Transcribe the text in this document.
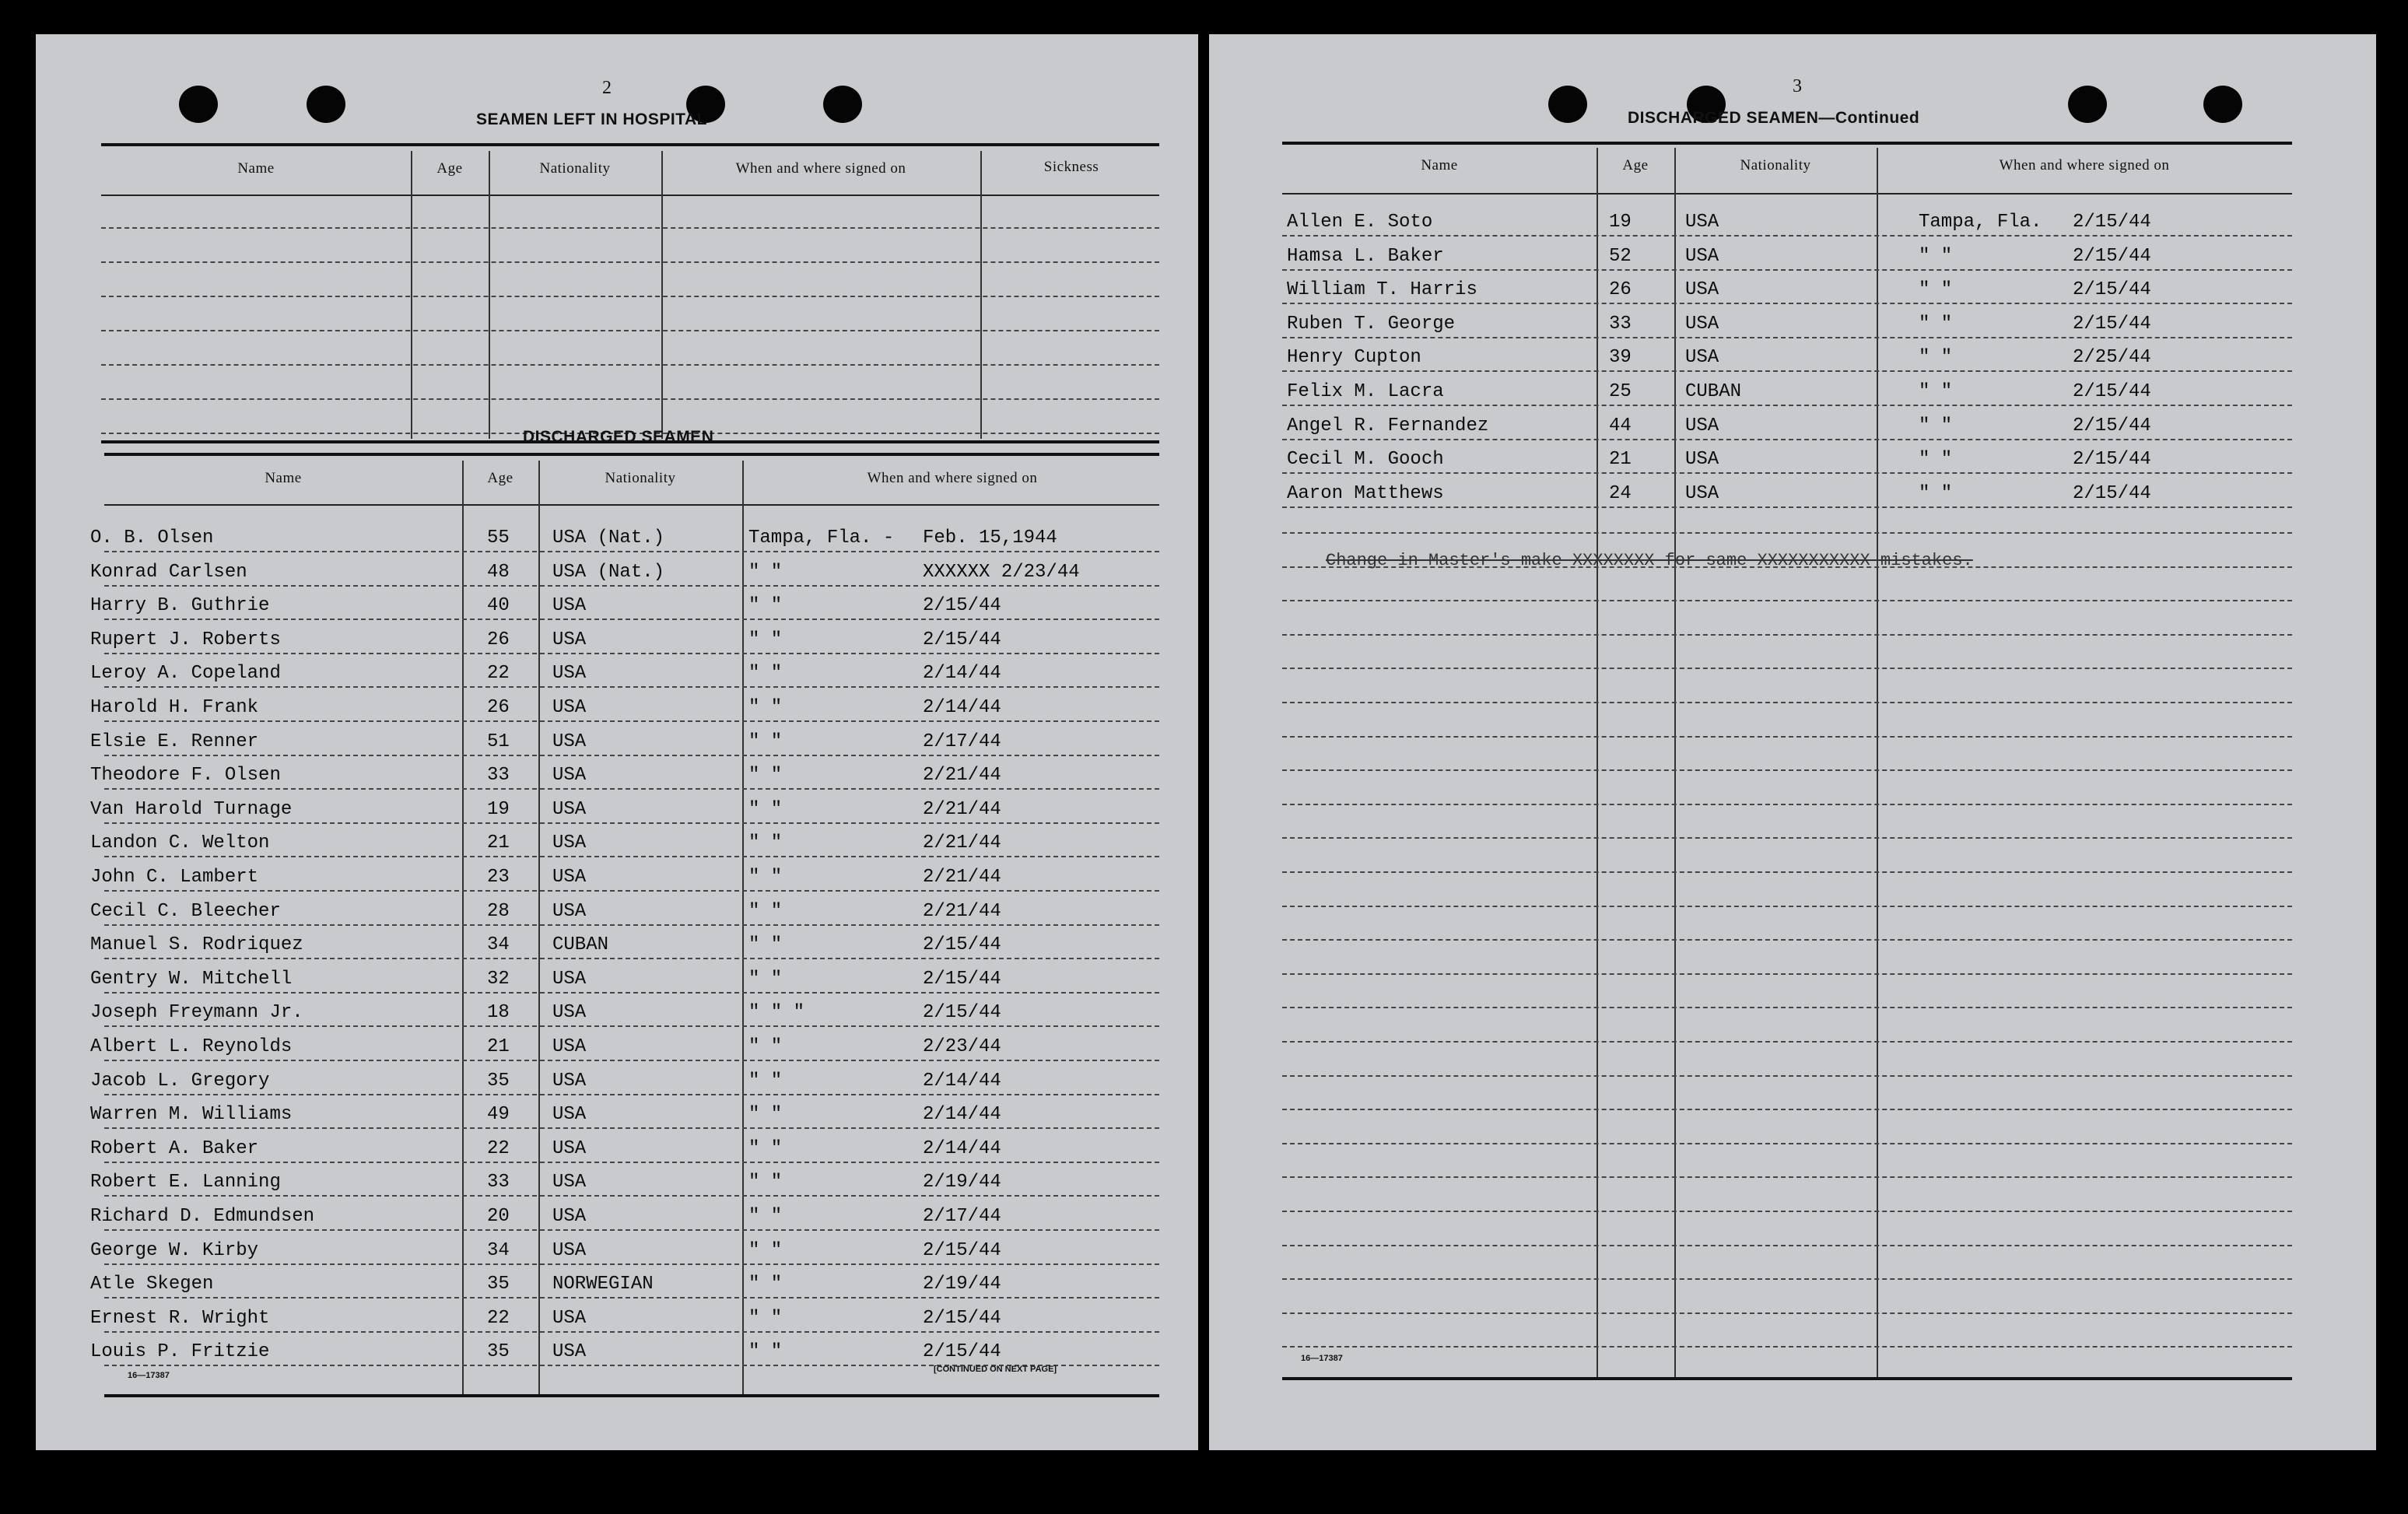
2
SEAMEN LEFT IN HOSPITAL
Name	Age	Nationality	When and where signed on	Sickness
DISCHARGED SEAMEN
Name	Age	Nationality	When and where signed on
O. B. Olsen	55 USA (Nat.)	Tampa, Fla. - Feb. 15,1944
Konrad Carlsen	48 USA (Nat.)	" "	XXXXXX 2/23/44
Harry B. Guthrie	40 USA	" "	2/15/44
Rupert J. Roberts	26 USA	" "	2/15/44
Leroy A. Copeland	22 USA	" "	2/14/44
Harold H. Frank	26 USA	" "	2/14/44
Elsie E. Renner	51 USA	" "	2/17/44
Theodore F. Olsen	33 USA	" "	2/21/44
Van Harold Turnage	19 USA	" "	2/21/44
Landon C. Welton	21 USA	" "	2/21/44
John C. Lambert	23 USA	" "	2/21/44
Cecil C. Bleecher	28 USA	" "	2/21/44
Manuel S. Rodriquez	34 CUBAN	" "	2/15/44
Gentry W. Mitchell	32 USA	" "	2/15/44
Joseph Freymann Jr.	18 USA	" " "	2/15/44
Albert L. Reynolds	21 USA	" "	2/23/44
Jacob L. Gregory	35 USA	" "	2/14/44
Warren M. Williams	49 USA	" "	2/14/44
Robert A. Baker	22 USA	" "	2/14/44
Robert E. Lanning	33 USA	" "	2/19/44
Richard D. Edmundsen	20 USA	" "	2/17/44
George W. Kirby	34 USA	" "	2/15/44
Atle Skegen	35 NORWEGIAN	" "	2/19/44
Ernest R. Wright	22 USA	" "	2/15/44
Louis P. Fritzie	35 USA	" "	2/15/44
16—17387
[CONTINUED ON NEXT PAGE]
3
DISCHARGED SEAMEN—Continued
Name	Age	Nationality	When and where signed on
Allen E. Soto	19	USA	Tampa, Fla. 2/15/44
Hamsa L. Baker	52	USA	" "	2/15/44
William T. Harris	26	USA	" "	2/15/44
Ruben T. George	33	USA	" "	2/15/44
Henry Cupton	39	USA	" "	2/25/44
Felix M. Lacra	25	CUBAN	" "	2/15/44
Angel R. Fernandez	44	USA	" "	2/15/44
Cecil M. Gooch	21	USA	" "	2/15/44
Aaron Matthews	24	USA	" "	2/15/44
Change in Master's make XXXXXXXX for same XXXXXXXXXXX mistakes.
16—17387
